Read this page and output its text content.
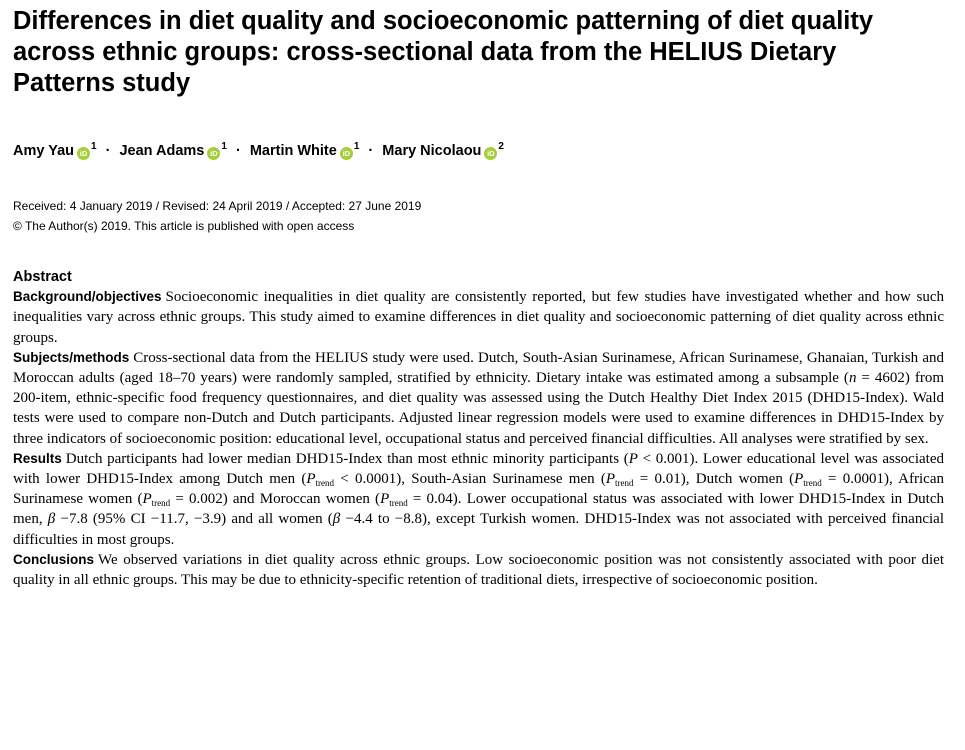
Differences in diet quality and socioeconomic patterning of diet quality across ethnic groups: cross-sectional data from the HELIUS Dietary Patterns study
Amy Yau $iD^1$ · Jean Adams $iD^1$ · Martin White $iD^1$ · Mary Nicolaou $iD^2$
Received: 4 January 2019 / Revised: 24 April 2019 / Accepted: 27 June 2019
© The Author(s) 2019. This article is published with open access
Abstract

Background/objectives Socioeconomic inequalities in diet quality are consistently reported, but few studies have investigated whether and how such inequalities vary across ethnic groups. This study aimed to examine differences in diet quality and socioeconomic patterning of diet quality across ethnic groups.

Subjects/methods Cross-sectional data from the HELIUS study were used. Dutch, South-Asian Surinamese, African Surinamese, Ghanaian, Turkish and Moroccan adults (aged 18–70 years) were randomly sampled, stratified by ethnicity. Dietary intake was estimated among a subsample (n = 4602) from 200-item, ethnic-specific food frequency questionnaires, and diet quality was assessed using the Dutch Healthy Diet Index 2015 (DHD15-Index). Wald tests were used to compare non-Dutch and Dutch participants. Adjusted linear regression models were used to examine differences in DHD15-Index by three indicators of socioeconomic position: educational level, occupational status and perceived financial difficulties. All analyses were stratified by sex.

Results Dutch participants had lower median DHD15-Index than most ethnic minority participants (P < 0.001). Lower educational level was associated with lower DHD15-Index among Dutch men $(P_{trend} < 0.0001)$, South-Asian Surinamese men $(P_{trend} = 0.01)$, Dutch women $(P_{trend} = 0.0001)$, African Surinamese women $(P_{trend} = 0.002)$ and Moroccan women $(P_{trend} = 0.04)$. Lower occupational status was associated with lower DHD15-Index in Dutch men, β −7.8 (95% CI −11.7, −3.9) and all women (β −4.4 to −8.8), except Turkish women. DHD15-Index was not associated with perceived financial difficulties in most groups.

Conclusions We observed variations in diet quality across ethnic groups. Low socioeconomic position was not consistently associated with poor diet quality in all ethnic groups. This may be due to ethnicity-specific retention of traditional diets, irrespective of socioeconomic position.
